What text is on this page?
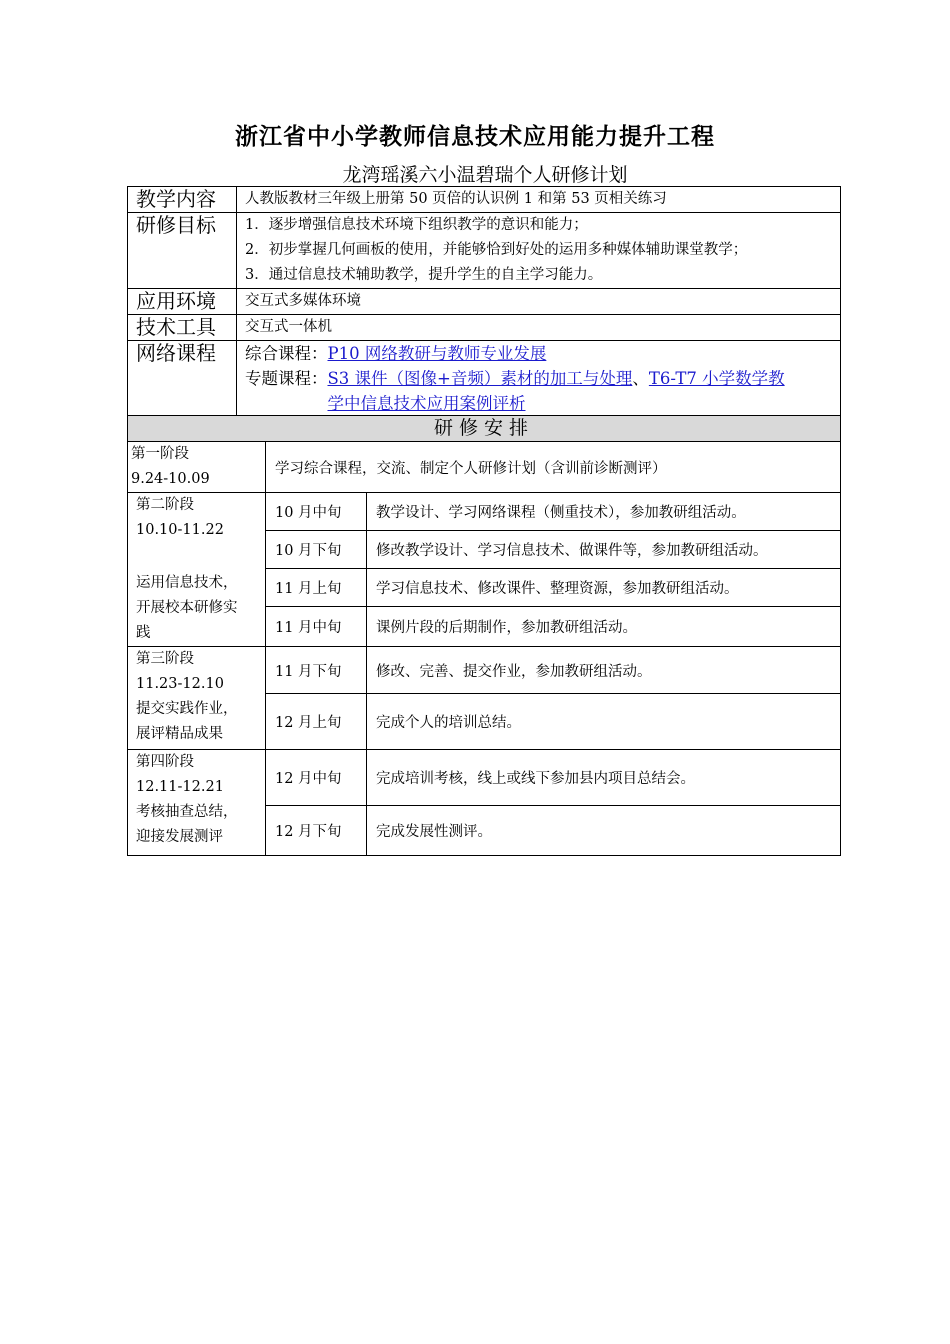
浙江省中小学教师信息技术应用能力提升工程
龙湾瑶溪六小温碧瑞个人研修计划
教学内容	人教版教材三年级上册第 50 页倍的认识例 1 和第 53 页相关练习
研修目标	1．逐步增强信息技术环境下组织教学的意识和能力；
2．初步掌握几何画板的使用，并能够恰到好处的运用多种媒体辅助课堂教学；
3．通过信息技术辅助教学，提升学生的自主学习能力。

应用环境	交互式多媒体环境
技术工具	交互式一体机
网络课程	综合课程：P10 网络教研与教师专业发展
专题课程： S3 课件（图像+音频）素材的加工与处理、T6-T7 小学数学教
学中信息技术应用案例评析
研修安排		

第一阶段
9.24-10.09	学习综合课程，交流、制定个人研修计划（含训前诊断测评）	

第二阶段
10.10-11.22
运用信息技术，
开展校本研修实
践	10 月中旬	教学设计、学习网络课程（侧重技术），参加教研组活动。
	10 月下旬	修改教学设计、学习信息技术、做课件等，参加教研组活动。
	11 月上旬	学习信息技术、修改课件、整理资源，参加教研组活动。
	11 月中旬	课例片段的后期制作，参加教研组活动。

第三阶段
11.23-12.10
提交实践作业，
展评精品成果	11 月下旬	修改、完善、提交作业，参加教研组活动。
	12 月上旬	完成个人的培训总结。

第四阶段
12.11-12.21
考核抽查总结，
迎接发展测评	12 月中旬	完成培训考核，线上或线下参加县内项目总结会。
	12 月下旬	完成发展性测评。
